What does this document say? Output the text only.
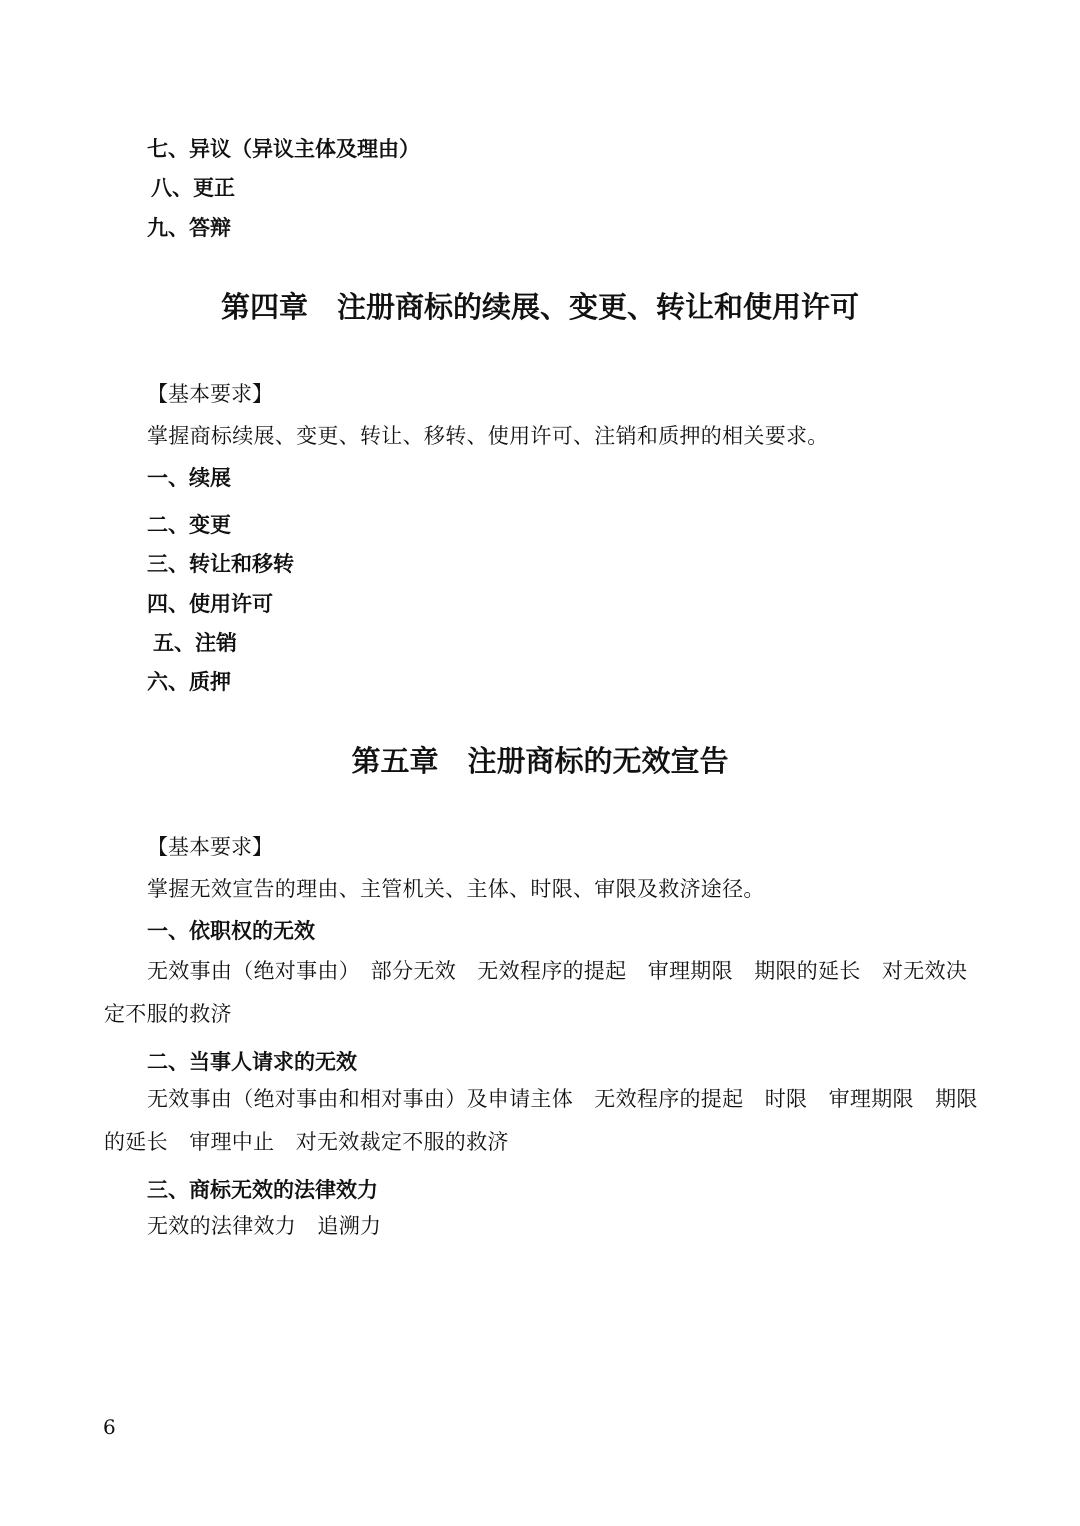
七、异议（异议主体及理由）
八、更正
九、答辩
第四章　注册商标的续展、变更、转让和使用许可
【基本要求】
掌握商标续展、变更、转让、移转、使用许可、注销和质押的相关要求。
一、续展
二、变更
三、转让和移转
四、使用许可
五、注销
六、质押
第五章　注册商标的无效宣告
【基本要求】
掌握无效宣告的理由、主管机关、主体、时限、审限及救济途径。
一、依职权的无效

无效事由（绝对事由）　部分无效　无效程序的提起　审理期限　期限的延长　对无效决定不服的救济

二、当事人请求的无效

无效事由（绝对事由和相对事由）及申请主体　无效程序的提起　时限　审理期限　期限的延长　审理中止　对无效裁定不服的救济

三、商标无效的法律效力
无效的法律效力　追溯力
6
